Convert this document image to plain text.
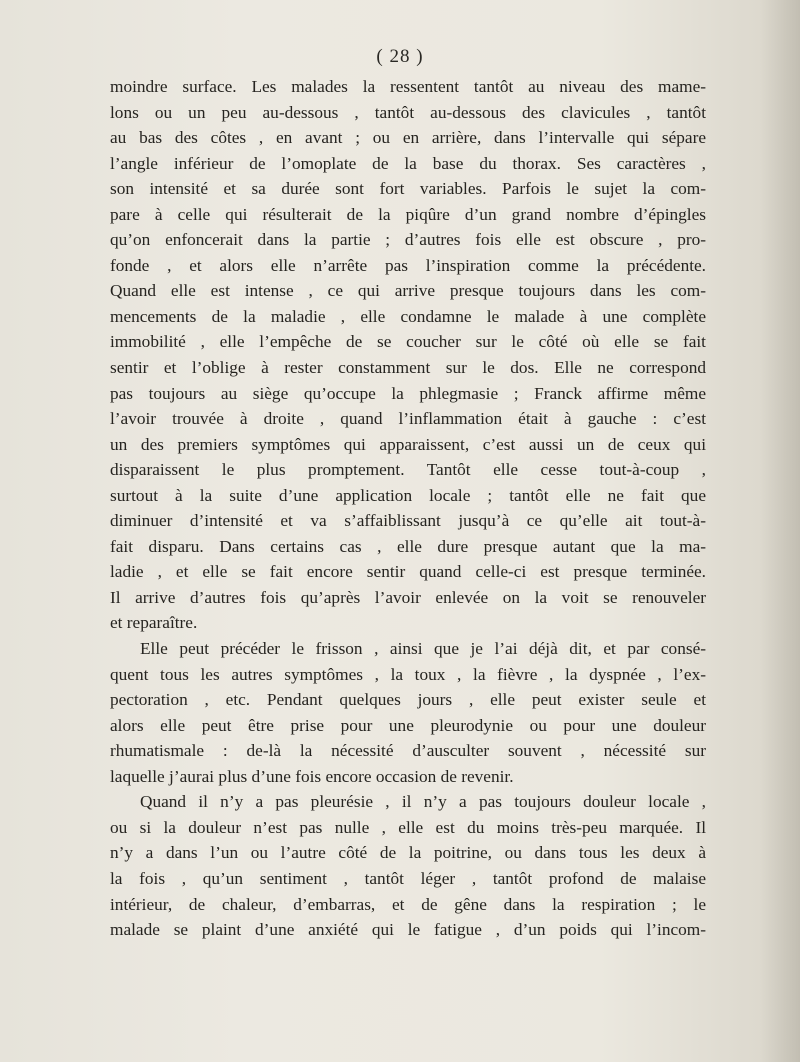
( 28 )
moindre surface. Les malades la ressentent tantôt au niveau des mame-
lons ou un peu au-dessous , tantôt au-dessous des clavicules , tantôt
au bas des côtes , en avant ; ou en arrière, dans l’intervalle qui sépare
l’angle inférieur de l’omoplate de la base du thorax. Ses caractères ,
son intensité et sa durée sont fort variables. Parfois le sujet la com-
pare à celle qui résulterait de la piqûre d’un grand nombre d’épingles
qu’on enfoncerait dans la partie ; d’autres fois elle est obscure , pro-
fonde , et alors elle n’arrête pas l’inspiration comme la précédente.
Quand elle est intense , ce qui arrive presque toujours dans les com-
mencements de la maladie , elle condamne le malade à une complète
immobilité , elle l’empêche de se coucher sur le côté où elle se fait
sentir et l’oblige à rester constamment sur le dos. Elle ne correspond
pas toujours au siège qu’occupe la phlegmasie ; Franck affirme même
l’avoir trouvée à droite , quand l’inflammation était à gauche : c’est
un des premiers symptômes qui apparaissent, c’est aussi un de ceux qui
disparaissent le plus promptement. Tantôt elle cesse tout-à-coup ,
surtout à la suite d’une application locale ; tantôt elle ne fait que
diminuer d’intensité et va s’affaiblissant jusqu’à ce qu’elle ait tout-à-
fait disparu. Dans certains cas , elle dure presque autant que la ma-
ladie , et elle se fait encore sentir quand celle-ci est presque terminée.
Il arrive d’autres fois qu’après l’avoir enlevée on la voit se renouveler
et reparaître.
Elle peut précéder le frisson , ainsi que je l’ai déjà dit, et par consé-
quent tous les autres symptômes , la toux , la fièvre , la dyspnée , l’ex-
pectoration , etc. Pendant quelques jours , elle peut exister seule et
alors elle peut être prise pour une pleurodynie ou pour une douleur
rhumatismale : de-là la nécessité d’ausculter souvent , nécessité sur
laquelle j’aurai plus d’une fois encore occasion de revenir.
Quand il n’y a pas pleurésie , il n’y a pas toujours douleur locale ,
ou si la douleur n’est pas nulle , elle est du moins très-peu marquée. Il
n’y a dans l’un ou l’autre côté de la poitrine, ou dans tous les deux à
la fois , qu’un sentiment , tantôt léger , tantôt profond de malaise
intérieur, de chaleur, d’embarras, et de gêne dans la respiration ; le
malade se plaint d’une anxiété qui le fatigue , d’un poids qui l’incom-
